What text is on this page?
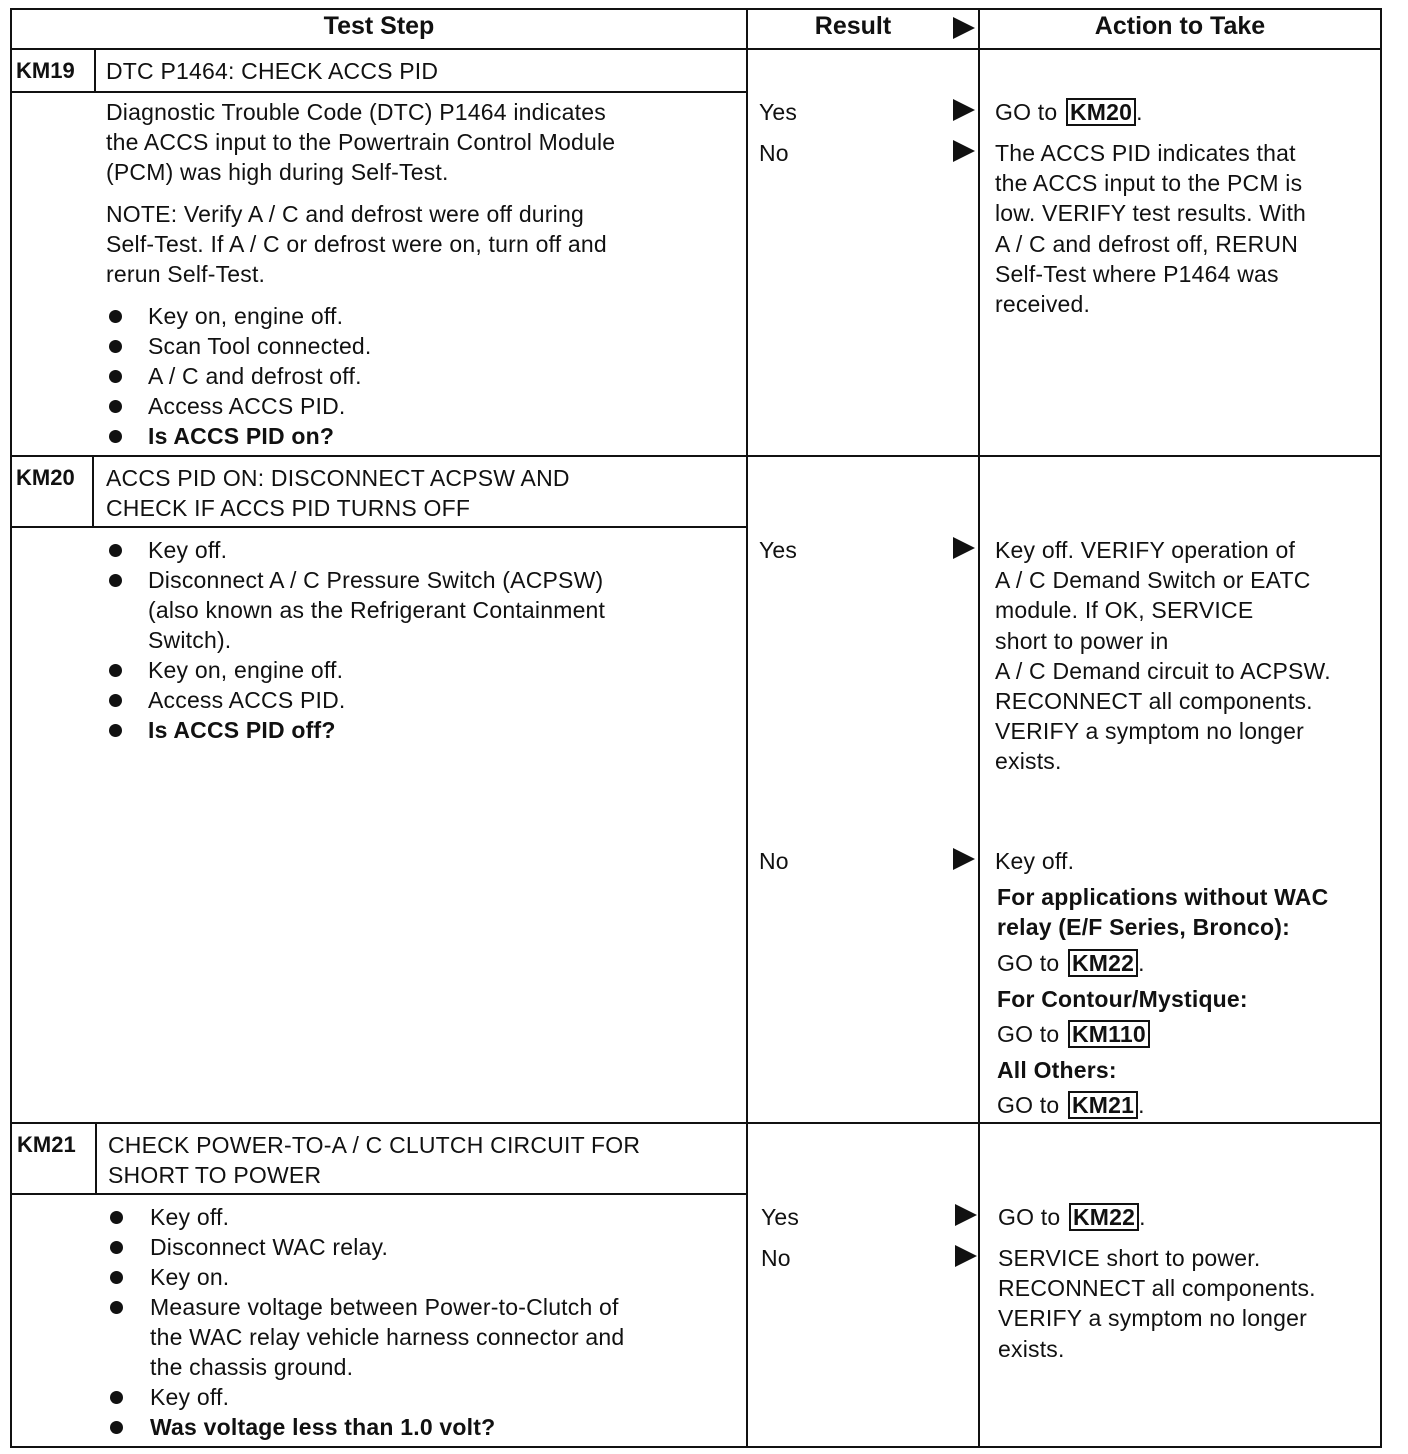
Test Step	Result	Action to Take
KM19 DTC P1464: CHECK ACCS PID

Diagnostic Trouble Code (DTC) P1464 indicates

the ACCS input to the Powertrain Control Module

(PCM) was high during Self-Test.

NOTE: Verify A / C and defrost were off during

Self-Test. If A / C or defrost were on, turn off and

rerun Self-Test.

Key on, engine off.
Scan Tool connected.
A / C and defrost off.
Access ACCS PID.
Is ACCS PID on?
Yes
No
GO to KM20 .

The ACCS PID indicates that

the ACCS input to the PCM is

low. VERIFY test results. With

A / C and defrost off, RERUN

Self-Test where P1464 was

received.

KM20 ACCS PID ON: DISCONNECT ACPSW AND

CHECK IF ACCS PID TURNS OFF

Key off.

Disconnect A / C Pressure Switch (ACPSW)

(also known as the Refrigerant Containment

Switch).

Key on, engine off.
Access ACCS PID.
Is ACCS PID off?
Yes
No

Key off. VERIFY operation of

A / C Demand Switch or EATC

module. If OK, SERVICE

short to power in

A / C Demand circuit to ACPSW.

RECONNECT all components.

VERIFY a symptom no longer

exists.

Key off.

For applications without WAC

relay (E/F Series, Bronco):

GO to KM22 .
For Contour/Mystique:
GO to KM110
All Others:
GO to KM21 .
KM21 CHECK POWER-TO-A / C CLUTCH CIRCUIT FOR

SHORT TO POWER

Key off.
Disconnect WAC relay.
Key on.

Measure voltage between Power-to-Clutch of

the WAC relay vehicle harness connector and

the chassis ground.

Key off.
Was voltage less than 1.0 volt?
Yes
No
GO to KM22 .

SERVICE short to power.

RECONNECT all components.

VERIFY a symptom no longer

exists.
